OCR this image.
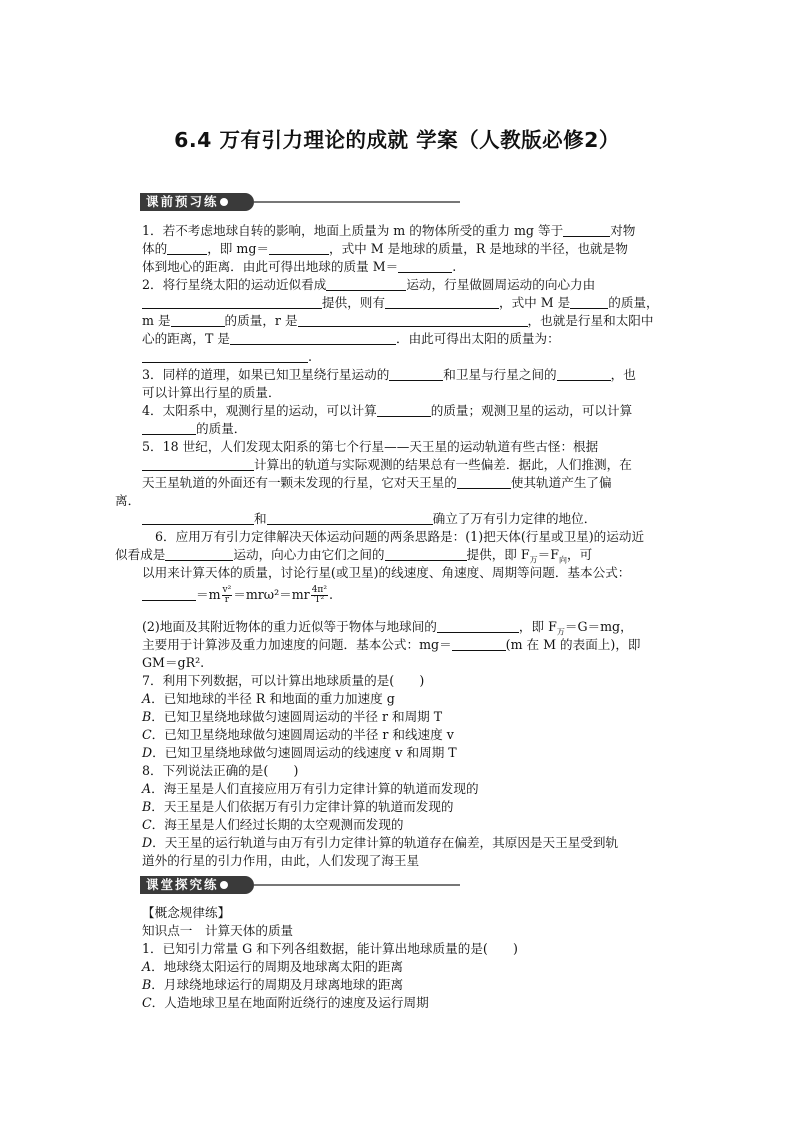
6.4 万有引力理论的成就 学案（人教版必修2）
课前预习练
1．若不考虑地球自转的影响，地面上质量为 m 的物体所受的重力 mg 等于	对物
体的	，即 mg＝	，式中 M 是地球的质量，R 是地球的半径，也就是物
体到地心的距离．由此可得出地球的质量 M＝	.
2．将行星绕太阳的运动近似看成	运动，行星做圆周运动的向心力由
提供，则有	，式中 M 是	的质量，
m 是	的质量，r 是	，也就是行星和太阳中
心的距离，T 是	．由此可得出太阳的质量为：
.
3．同样的道理，如果已知卫星绕行星运动的	和卫星与行星之间的	，也
可以计算出行星的质量．
4．太阳系中，观测行星的运动，可以计算	的质量；观测卫星的运动，可以计算
的质量．
5．18 世纪，人们发现太阳系的第七个行星——天王星的运动轨道有些古怪：根据
计算出的轨道与实际观测的结果总有一些偏差．据此，人们推测，在
天王星轨道的外面还有一颗未发现的行星，它对天王星的	使其轨道产生了偏
离．
和	确立了万有引力定律的地位．
6．应用万有引力定律解决天体运动问题的两条思路是：(1)把天体(行星或卫星)的运动近
似看成是	运动，向心力由它们之间的	提供，即 $F_万=F_向$，可
以用来计算天体的质量，讨论行星(或卫星)的线速度、角速度、周期等问题．基本公式：
$=m \frac{\text{v²}}{r} =mr\omega^2=mr \frac{\text{4π²}}{\text{T²}}$ .
(2)地面及其附近物体的重力近似等于物体与地球间的	，即 $F_万=G=mg$，
主要用于计算涉及重力加速度的问题．基本公式：mg＝	(m 在 M 的表面上)，即
GM＝gR².
7．利用下列数据，可以计算出地球质量的是(　　)
A．已知地球的半径 R 和地面的重力加速度 g
B．已知卫星绕地球做匀速圆周运动的半径 r 和周期 T
C．已知卫星绕地球做匀速圆周运动的半径 r 和线速度 v
D．已知卫星绕地球做匀速圆周运动的线速度 v 和周期 T
8．下列说法正确的是(　　)
A．海王星是人们直接应用万有引力定律计算的轨道而发现的
B．天王星是人们依据万有引力定律计算的轨道而发现的
C．海王星是人们经过长期的太空观测而发现的
D．天王星的运行轨道与由万有引力定律计算的轨道存在偏差，其原因是天王星受到轨
道外的行星的引力作用，由此，人们发现了海王星
课堂探究练
【概念规律练】
知识点一　计算天体的质量
1．已知引力常量 G 和下列各组数据，能计算出地球质量的是(　　)
A．地球绕太阳运行的周期及地球离太阳的距离
B．月球绕地球运行的周期及月球离地球的距离
C．人造地球卫星在地面附近绕行的速度及运行周期
